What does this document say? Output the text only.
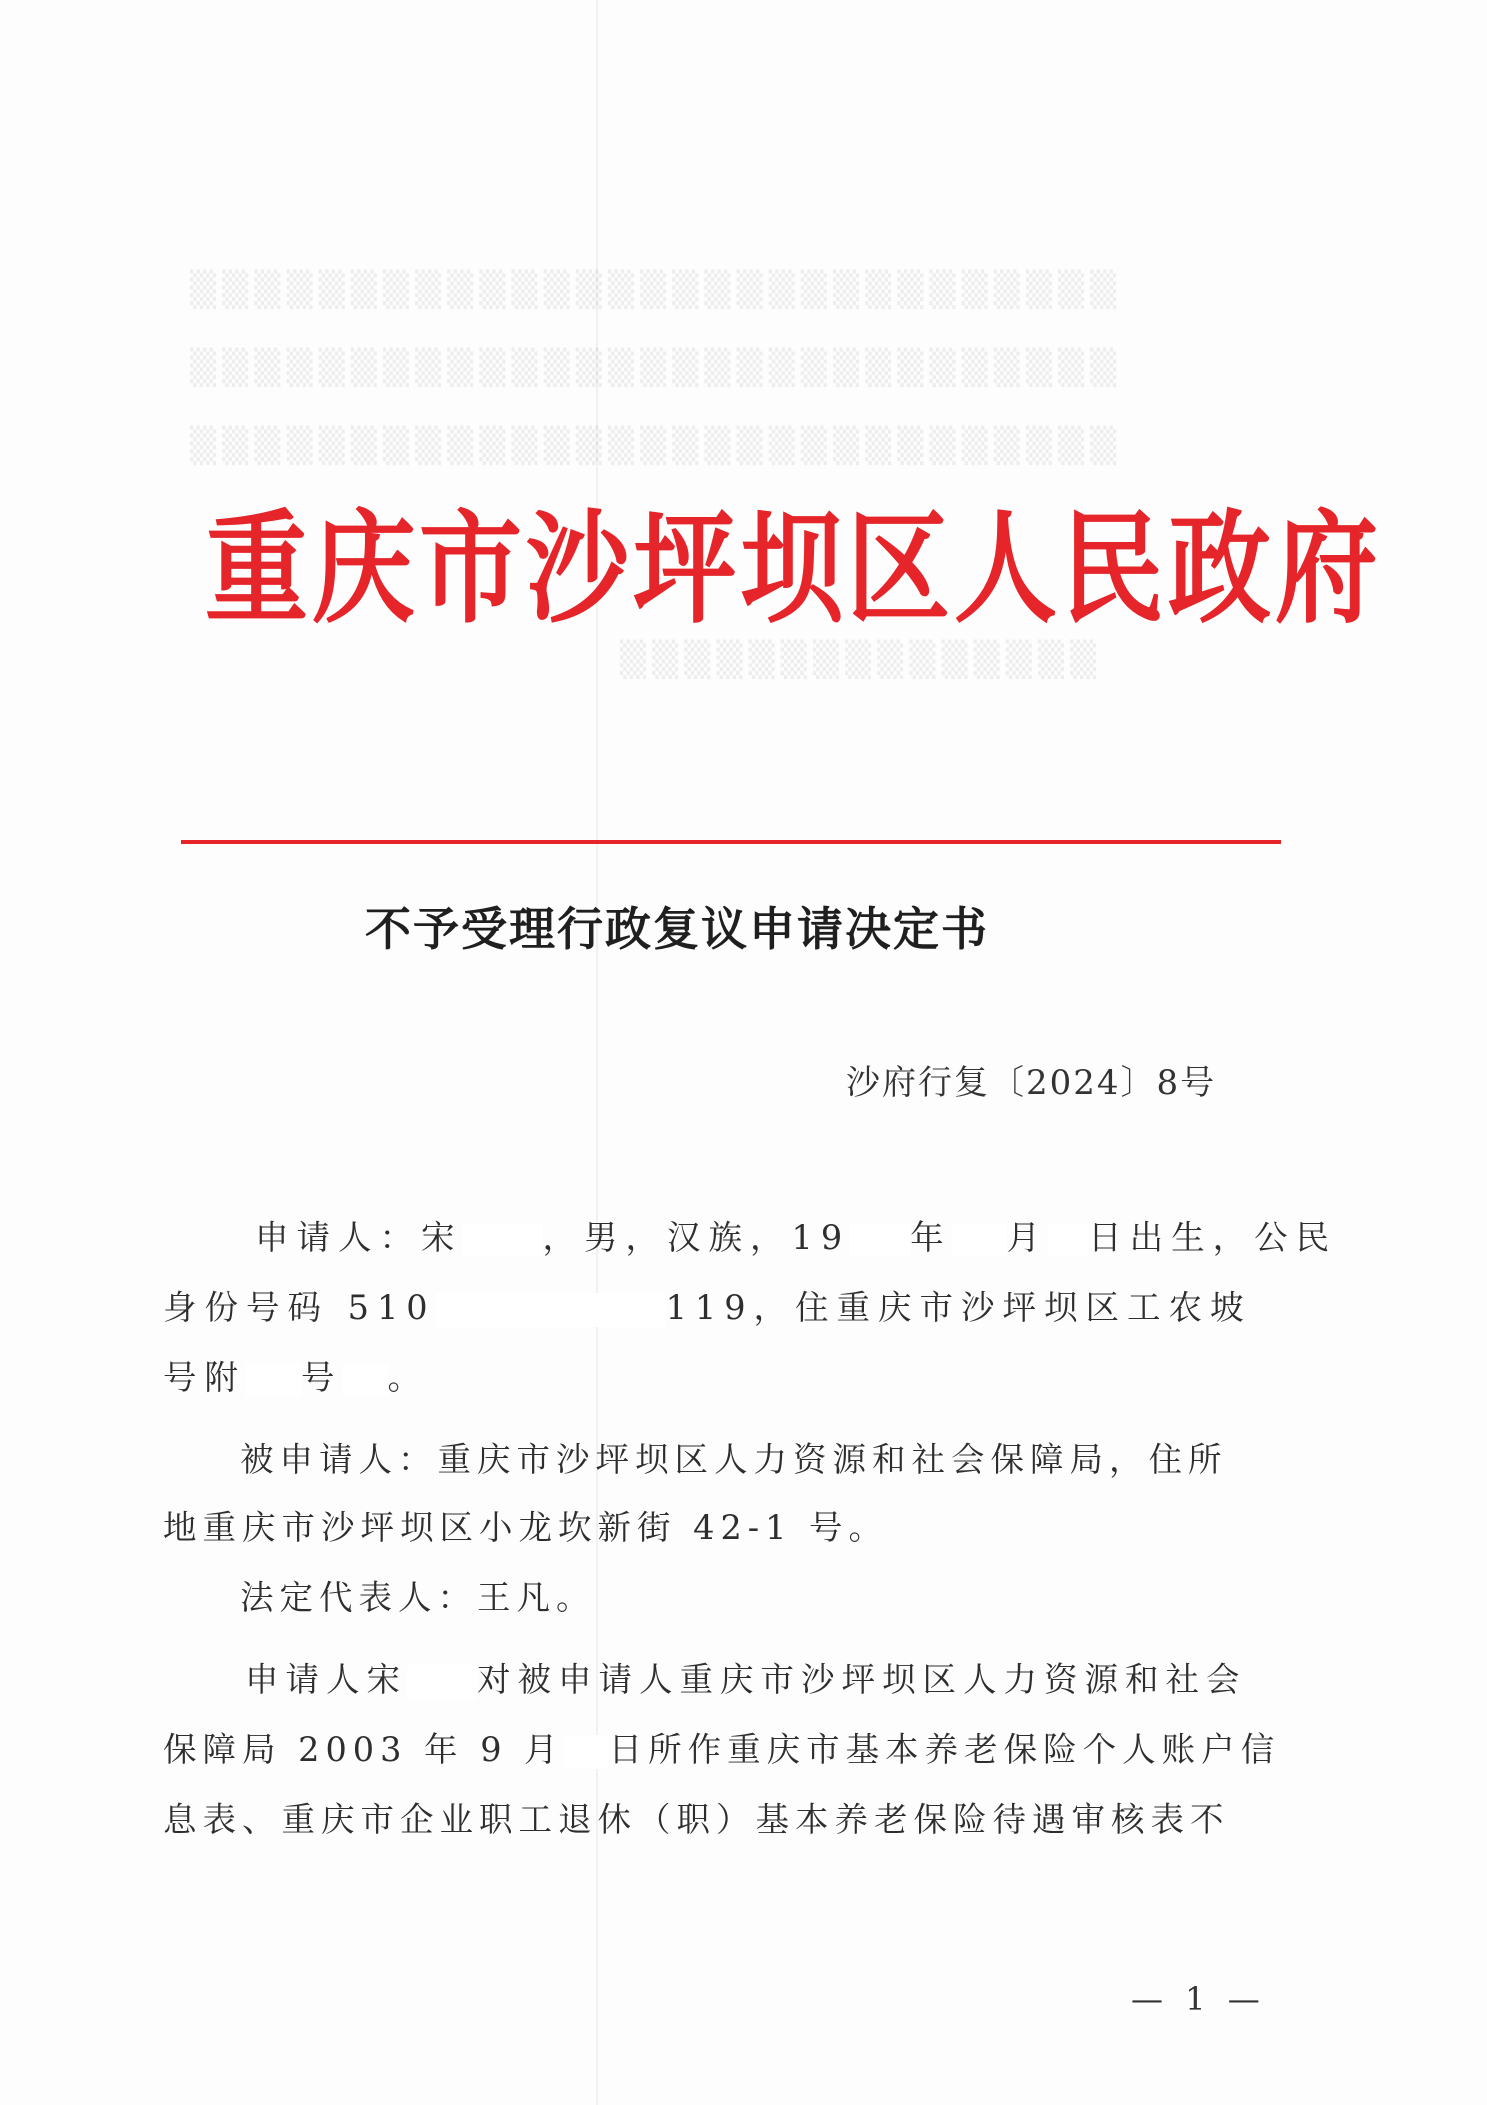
▒▒▒▒▒▒▒▒▒▒▒▒▒▒▒▒▒▒▒▒▒▒▒▒▒▒▒▒▒
▒▒▒▒▒▒▒▒▒▒▒▒▒▒▒▒▒▒▒▒▒▒▒▒▒▒▒▒▒
▒▒▒▒▒▒▒▒▒▒▒▒▒▒▒▒▒▒▒▒▒▒▒▒▒▒▒▒▒
▒▒▒▒▒▒▒▒▒▒▒▒▒▒▒
重庆市沙坪坝区人民政府
不予受理行政复议申请决定书
沙府行复〔2024〕8号
申请人：宋 ，男，汉族，19 年 月 日出生，公民
身份号码 510	119，住重庆市沙坪坝区工农坡
号附 号 。
被申请人：重庆市沙坪坝区人力资源和社会保障局，住所
地重庆市沙坪坝区小龙坎新街 42-1 号。
法定代表人：王凡。
申请人宋 对被申请人重庆市沙坪坝区人力资源和社会
保障局 2003 年 9 月 日所作重庆市基本养老保险个人账户信
息表、重庆市企业职工退休（职）基本养老保险待遇审核表不
— 1 —
